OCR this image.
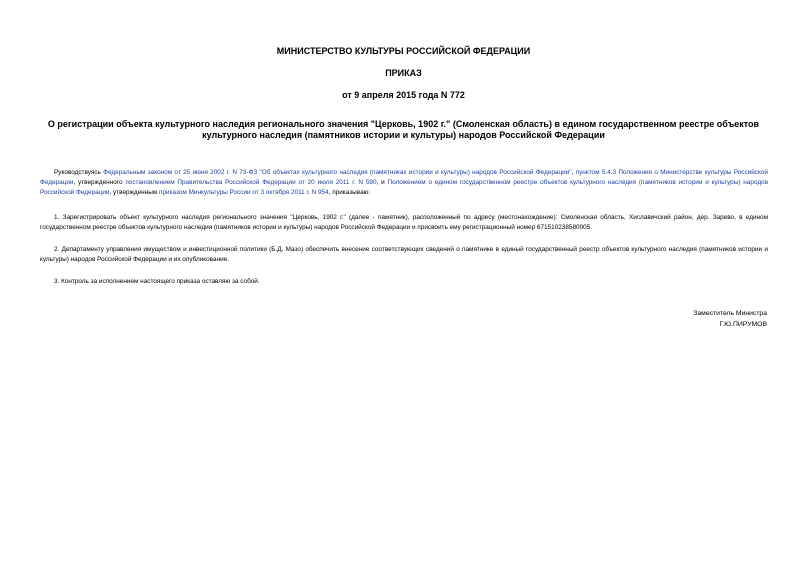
МИНИСТЕРСТВО КУЛЬТУРЫ РОССИЙСКОЙ ФЕДЕРАЦИИ
ПРИКАЗ
от 9 апреля 2015 года N 772
О регистрации объекта культурного наследия регионального значения "Церковь, 1902 г." (Смоленская область) в едином государственном реестре объектов культурного наследия (памятников истории и культуры) народов Российской Федерации
Руководствуясь Федеральным законом от 25 июня 2002 г. N 73-ФЗ "Об объектах культурного наследия (памятниках истории и культуры) народов Российской Федерации", пунктом 5.4.3 Положения о Министерстве культуры Российской Федерации, утвержденного постановлением Правительства Российской Федерации от 20 июля 2011 г. N 590, и Положением о едином государственном реестре объектов культурного наследия (памятников истории и культуры) народов Российской Федерации, утвержденным приказом Минкультуры России от 3 октября 2011 г. N 954, приказываю:
1. Зарегистрировать объект культурного наследия регионального значения "Церковь, 1902 г." (далее - памятник), расположенный по адресу (местонахождение): Смоленская область, Хиславичский район, дер. Зарево, в едином государственном реестре объектов культурного наследия (памятников истории и культуры) народов Российской Федерации и присвоить ему регистрационный номер 671510238580005.
2. Департаменту управления имуществом и инвестиционной политики (Б.Д. Мазо) обеспечить внесение соответствующих сведений о памятнике в единый государственный реестр объектов культурного наследия (памятников истории и культуры) народов Российской Федерации и их опубликование.
3. Контроль за исполнением настоящего приказа оставляю за собой.
Заместитель Министра
Г.Ю.ПИРУМОВ
